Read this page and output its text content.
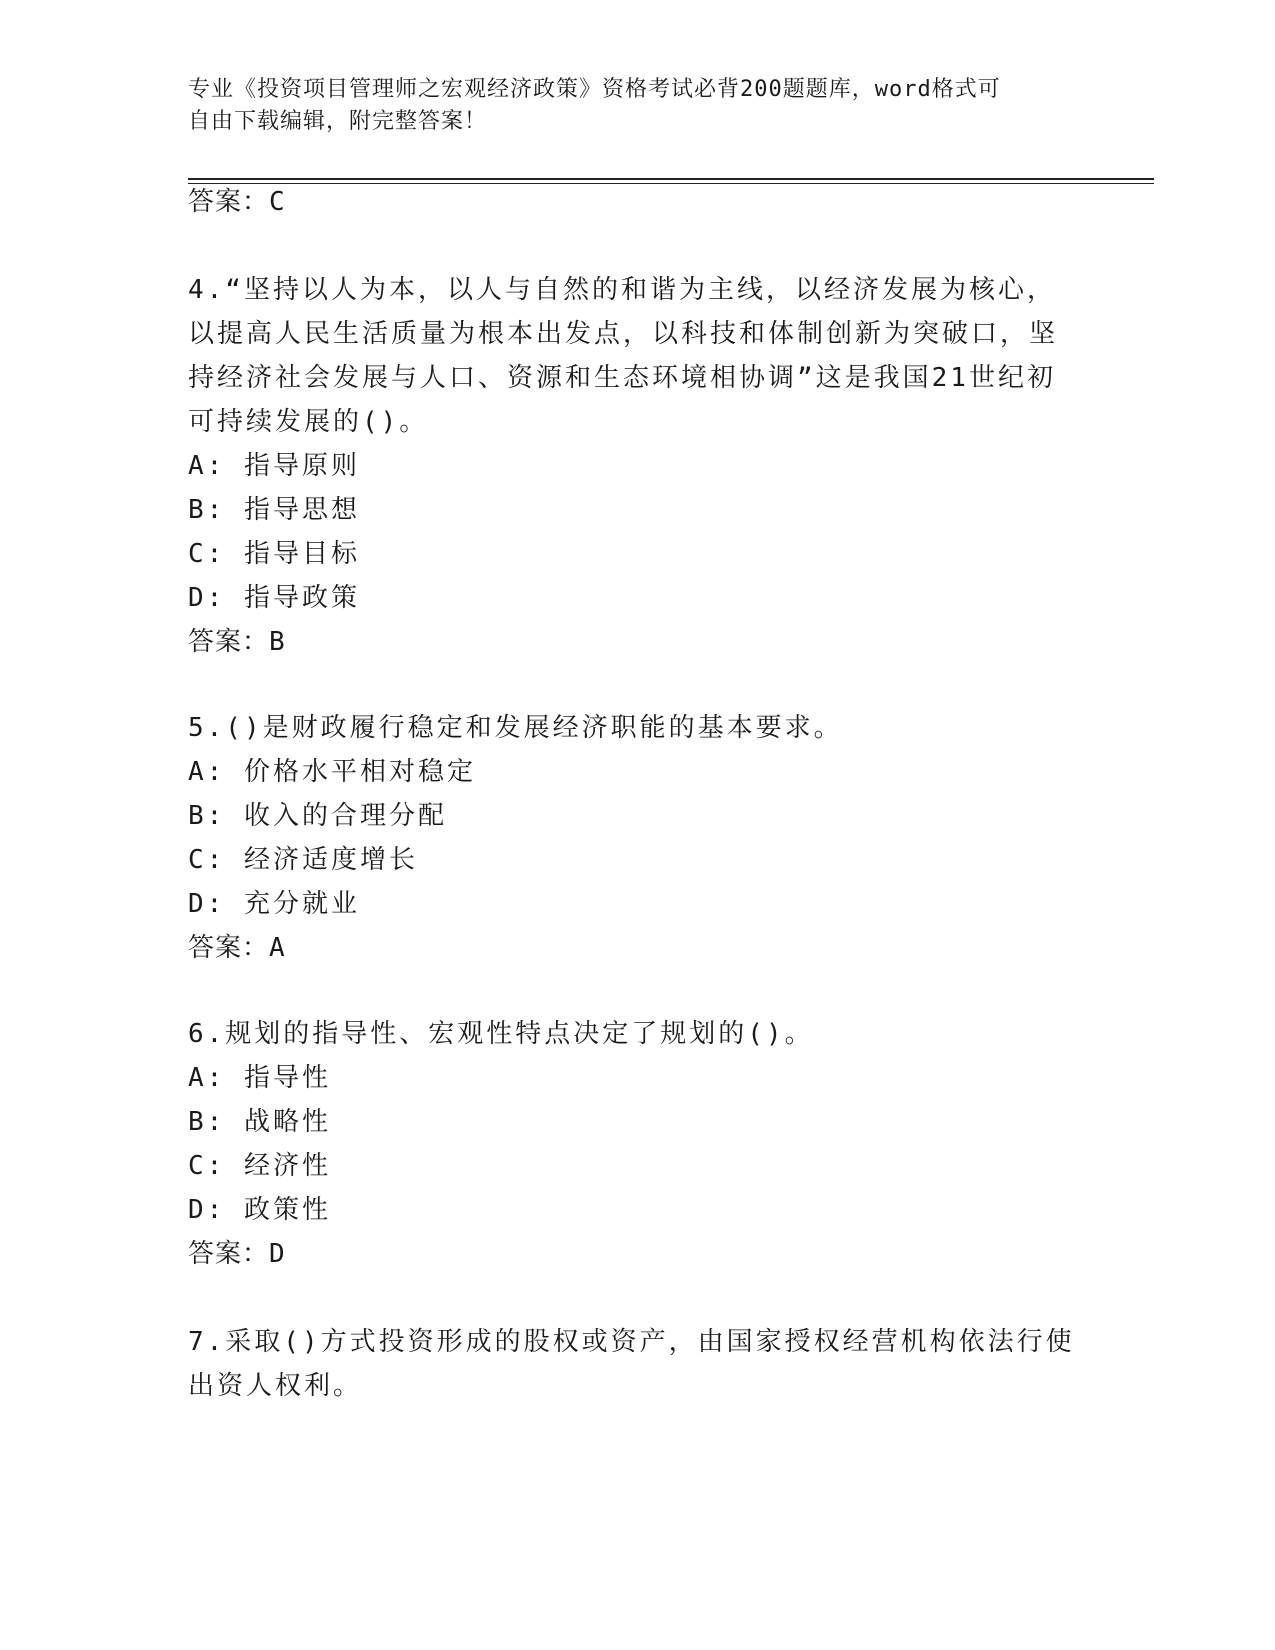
专业《投资项目管理师之宏观经济政策》资格考试必背200题题库，word格式可
自由下载编辑，附完整答案！
答案：C
4.“坚持以人为本，以人与自然的和谐为主线，以经济发展为核心，
以提高人民生活质量为根本出发点，以科技和体制创新为突破口，坚
持经济社会发展与人口、资源和生态环境相协调”这是我国21世纪初
可持续发展的()。
A: 指导原则
B: 指导思想
C: 指导目标
D: 指导政策
答案：B
5.()是财政履行稳定和发展经济职能的基本要求。
A: 价格水平相对稳定
B: 收入的合理分配
C: 经济适度增长
D: 充分就业
答案：A
6.规划的指导性、宏观性特点决定了规划的()。
A: 指导性
B: 战略性
C: 经济性
D: 政策性
答案：D
7.采取()方式投资形成的股权或资产，由国家授权经营机构依法行使
出资人权利。
